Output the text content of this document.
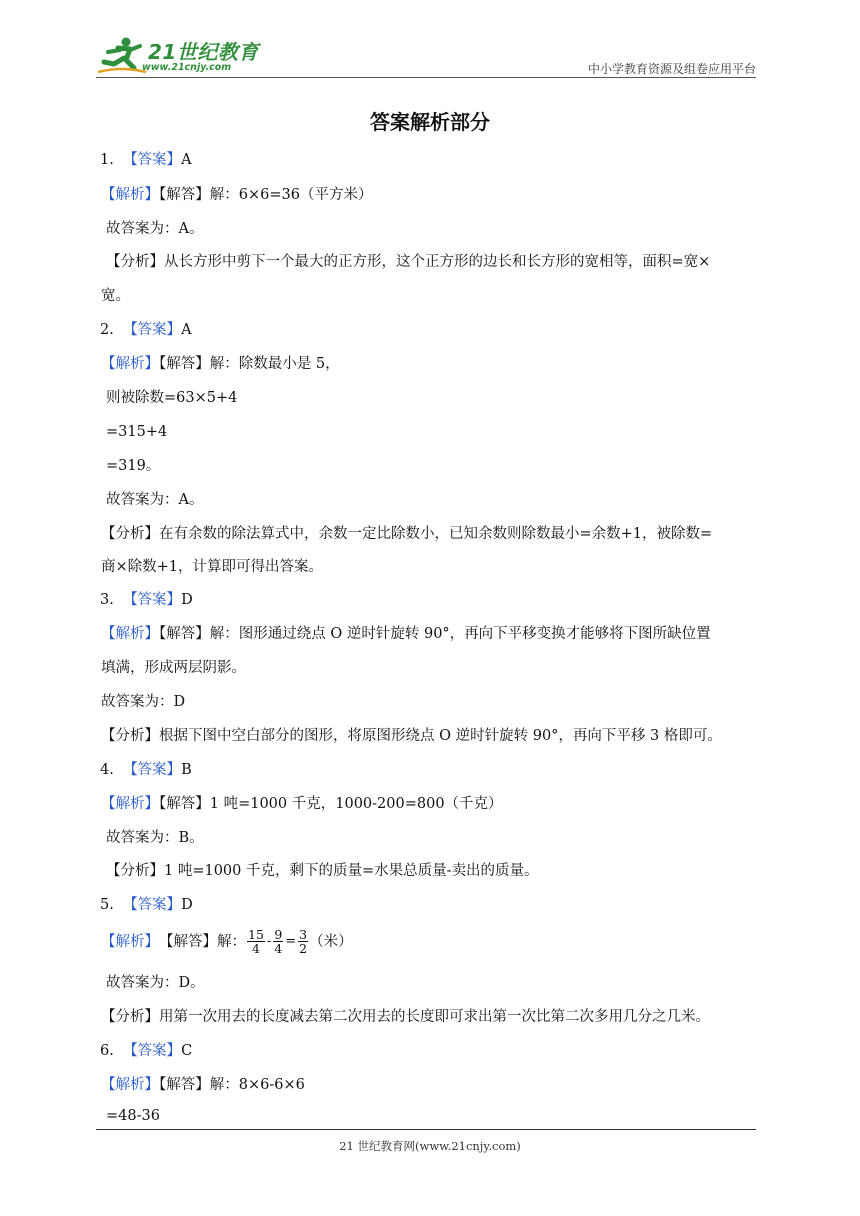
21世纪教育
www.21cnjy.com	中小学教育资源及组卷应用平台
答案解析部分
1. 【答案】A
【解析】【解答】解：6×6=36（平方米）
故答案为：A。
【分析】从长方形中剪下一个最大的正方形，这个正方形的边长和长方形的宽相等，面积=宽×
宽。
2. 【答案】A
【解析】【解答】解：除数最小是 5，
则被除数=63×5+4
=315+4
=319。
故答案为：A。
【分析】在有余数的除法算式中，余数一定比除数小，已知余数则除数最小=余数+1，被除数=
商×除数+1，计算即可得出答案。
3. 【答案】D
【解析】【解答】解：图形通过绕点 O 逆时针旋转 90°，再向下平移变换才能够将下图所缺位置
填满，形成两层阴影。
故答案为：D
【分析】根据下图中空白部分的图形，将原图形绕点 O 逆时针旋转 90°，再向下平移 3 格即可。
4. 【答案】B
【解析】【解答】1 吨=1000 千克，1000-200=800（千克）
故答案为：B。
【分析】1 吨=1000 千克，剩下的质量=水果总质量-卖出的质量。
5. 【答案】D
【解析】 【解答】解： $\frac{15}{4} - \frac{9}{4} = \frac{3}{2}$ （米）
故答案为：D。
【分析】用第一次用去的长度减去第二次用去的长度即可求出第一次比第二次多用几分之几米。
6. 【答案】C
【解析】【解答】解：8×6-6×6
=48-36
21 世纪教育网(www.21cnjy.com)
